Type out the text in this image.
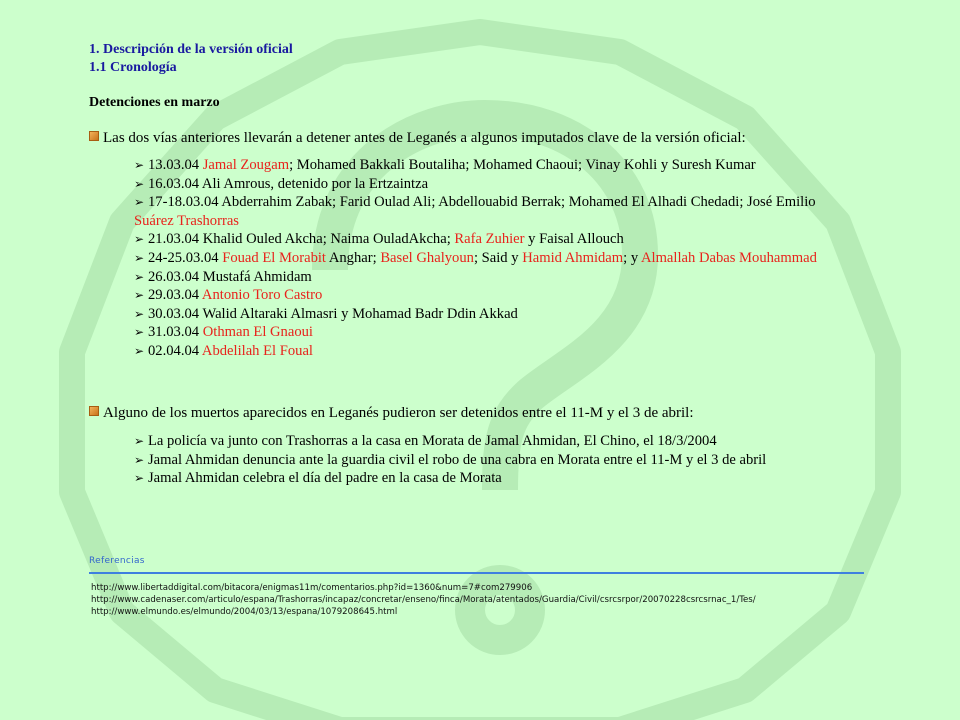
1. Descripción de la versión oficial
1.1 Cronología
Detenciones en marzo
Las dos vías anteriores llevarán a detener antes de Leganés a algunos imputados clave de la versión oficial:
➢ 13.03.04 Jamal Zougam; Mohamed Bakkali Boutaliha; Mohamed Chaoui; Vinay Kohli y Suresh Kumar
➢ 16.03.04 Ali Amrous, detenido por la Ertzaintza
➢ 17-18.03.04 Abderrahim Zabak; Farid Oulad Ali; Abdellouabid Berrak; Mohamed El Alhadi Chedadi; José Emilio
Suárez Trashorras
➢ 21.03.04 Khalid Ouled Akcha; Naima OuladAkcha; Rafa Zuhier y Faisal Allouch
➢ 24-25.03.04 Fouad El Morabit Anghar; Basel Ghalyoun; Said y Hamid Ahmidam; y Almallah Dabas Mouhammad
➢ 26.03.04 Mustafá Ahmidam
➢ 29.03.04 Antonio Toro Castro
➢ 30.03.04 Walid Altaraki Almasri y Mohamad Badr Ddin Akkad
➢ 31.03.04 Othman El Gnaoui
➢ 02.04.04 Abdelilah El Foual
Alguno de los muertos aparecidos en Leganés pudieron ser detenidos entre el 11-M y el 3 de abril:
➢ La policía va junto con Trashorras a la casa en Morata de Jamal Ahmidan, El Chino, el 18/3/2004
➢ Jamal Ahmidan denuncia ante la guardia civil el robo de una cabra en Morata entre el 11-M y el 3 de abril
➢ Jamal Ahmidan celebra el día del padre en la casa de Morata
Referencias
http://www.libertaddigital.com/bitacora/enigmas11m/comentarios.php?id=1360&num=7#com279906
http://www.cadenaser.com/articulo/espana/Trashorras/incapaz/concretar/enseno/finca/Morata/atentados/Guardia/Civil/csrcsrpor/20070228csrcsrnac_1/Tes/
http://www.elmundo.es/elmundo/2004/03/13/espana/1079208645.html
